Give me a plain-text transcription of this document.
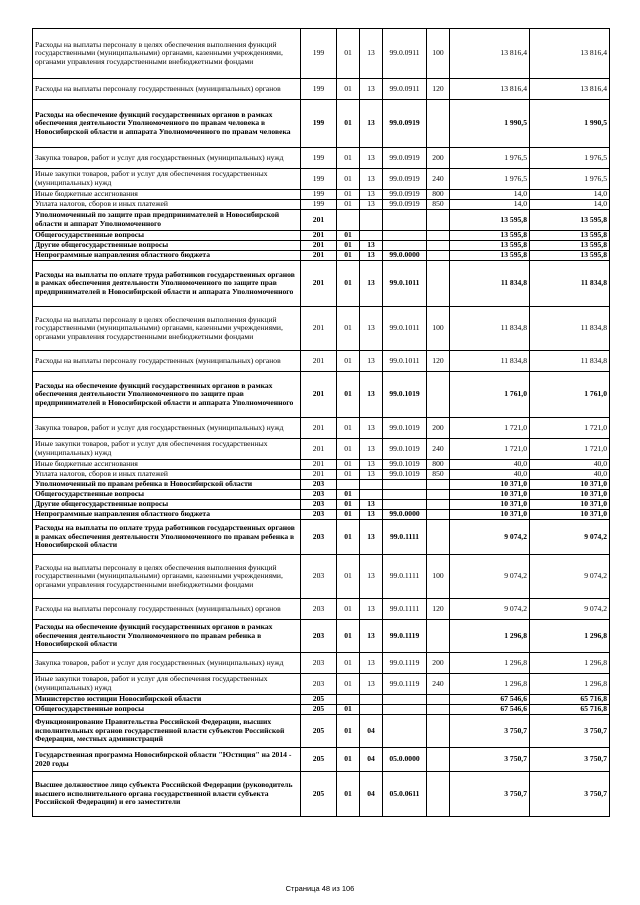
Расходы на выплаты персоналу в целях обеспечения выполнения функций государственными (муниципальными) органами, казенными учреждениями, органами управления государственными внебюджетными фондами	199	01	13	99.0.0911	100	13 816,4	13 816,4
Расходы на выплаты персоналу государственных (муниципальных) органов	199	01	13	99.0.0911	120	13 816,4	13 816,4
Расходы на обеспечение функций государственных органов в рамках обеспечения деятельности Уполномоченного по правам человека в Новосибирской области и аппарата Уполномоченного по правам человека	199	01	13	99.0.0919		1 990,5	1 990,5
Закупка товаров, работ и услуг для государственных (муниципальных) нужд	199	01	13	99.0.0919	200	1 976,5	1 976,5
Иные закупки товаров, работ и услуг для обеспечения государственных (муниципальных) нужд	199	01	13	99.0.0919	240	1 976,5	1 976,5
Иные бюджетные ассигнования	199	01	13	99.0.0919	800	14,0	14,0
Уплата налогов, сборов и иных платежей	199	01	13	99.0.0919	850	14,0	14,0
Уполномоченный по защите прав предпринимателей в Новосибирской области и аппарат Уполномоченного	201					13 595,8	13 595,8
Общегосударственные вопросы	201	01				13 595,8	13 595,8
Другие общегосударственные вопросы	201	01	13			13 595,8	13 595,8
Непрограммные направления областного бюджета	201	01	13	99.0.0000		13 595,8	13 595,8
Расходы на выплаты по оплате труда работников государственных органов в рамках обеспечения деятельности Уполномоченного по защите прав предпринимателей в Новосибирской области и аппарата Уполномоченного	201	01	13	99.0.1011		11 834,8	11 834,8
Расходы на выплаты персоналу в целях обеспечения выполнения функций государственными (муниципальными) органами, казенными учреждениями, органами управления государственными внебюджетными фондами	201	01	13	99.0.1011	100	11 834,8	11 834,8
Расходы на выплаты персоналу государственных (муниципальных) органов	201	01	13	99.0.1011	120	11 834,8	11 834,8
Расходы на обеспечение функций государственных органов в рамках обеспечения деятельности Уполномоченного по защите прав предпринимателей в Новосибирской области и аппарата Уполномоченного	201	01	13	99.0.1019		1 761,0	1 761,0
Закупка товаров, работ и услуг для государственных (муниципальных) нужд	201	01	13	99.0.1019	200	1 721,0	1 721,0
Иные закупки товаров, работ и услуг для обеспечения государственных (муниципальных) нужд	201	01	13	99.0.1019	240	1 721,0	1 721,0
Иные бюджетные ассигнования	201	01	13	99.0.1019	800	40,0	40,0
Уплата налогов, сборов и иных платежей	201	01	13	99.0.1019	850	40,0	40,0
Уполномоченный по правам ребенка в Новосибирской области	203					10 371,0	10 371,0
Общегосударственные вопросы	203	01				10 371,0	10 371,0
Другие общегосударственные вопросы	203	01	13			10 371,0	10 371,0
Непрограммные направления областного бюджета	203	01	13	99.0.0000		10 371,0	10 371,0
Расходы на выплаты по оплате труда работников государственных органов в рамках обеспечения деятельности Уполномоченного по правам ребенка в Новосибирской области	203	01	13	99.0.1111		9 074,2	9 074,2
Расходы на выплаты персоналу в целях обеспечения выполнения функций государственными (муниципальными) органами, казенными учреждениями, органами управления государственными внебюджетными фондами	203	01	13	99.0.1111	100	9 074,2	9 074,2
Расходы на выплаты персоналу государственных (муниципальных) органов	203	01	13	99.0.1111	120	9 074,2	9 074,2
Расходы на обеспечение функций государственных органов в рамках обеспечения деятельности Уполномоченного по правам ребенка в Новосибирской области	203	01	13	99.0.1119		1 296,8	1 296,8
Закупка товаров, работ и услуг для государственных (муниципальных) нужд	203	01	13	99.0.1119	200	1 296,8	1 296,8
Иные закупки товаров, работ и услуг для обеспечения государственных (муниципальных) нужд	203	01	13	99.0.1119	240	1 296,8	1 296,8
Министерство юстиции Новосибирской области	205					67 546,6	65 716,8
Общегосударственные вопросы	205	01				67 546,6	65 716,8
Функционирование Правительства Российской Федерации, высших исполнительных органов государственной власти субъектов Российской Федерации, местных администраций	205	01	04			3 750,7	3 750,7
Государственная программа Новосибирской области "Юстиция" на 2014 - 2020 годы	205	01	04	05.0.0000		3 750,7	3 750,7
Высшее должностное лицо субъекта Российской Федерации (руководитель высшего исполнительного органа государственной власти субъекта Российской Федерации) и его заместители	205	01	04	05.0.0611		3 750,7	3 750,7
Страница 48 из 106
